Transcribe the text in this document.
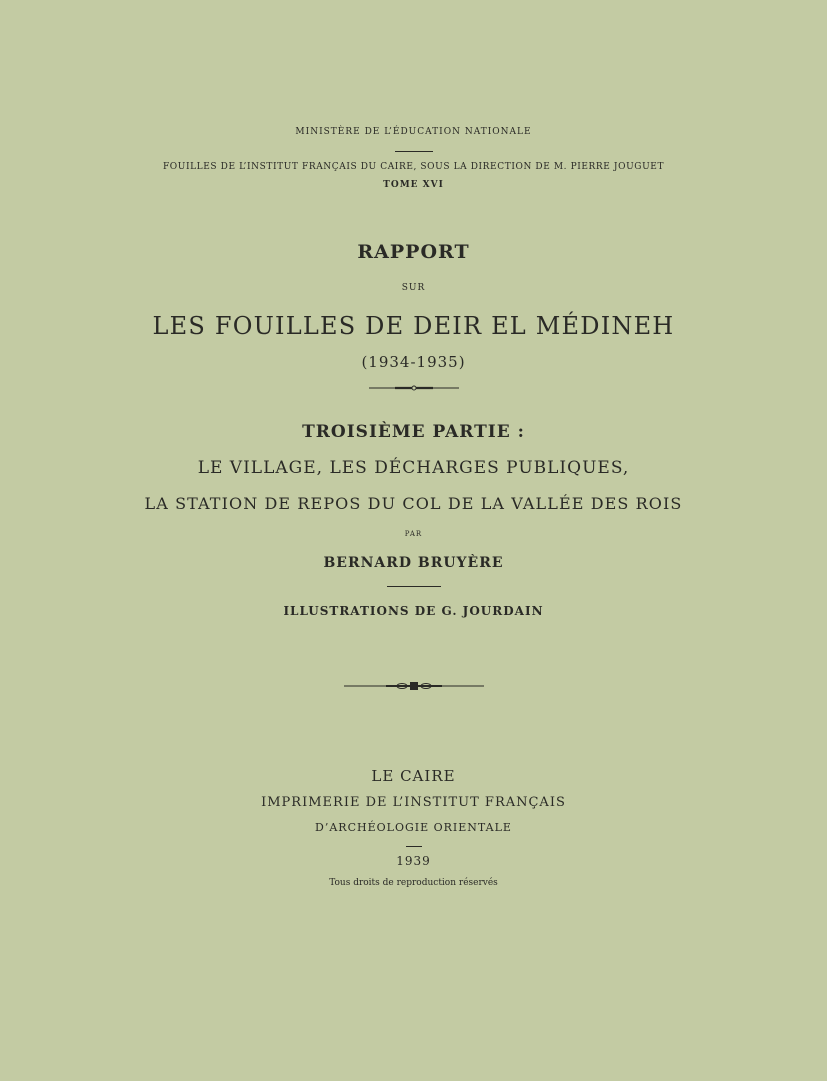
MINISTÈRE DE L’ÉDUCATION NATIONALE
FOUILLES DE L’INSTITUT FRANÇAIS DU CAIRE, SOUS LA DIRECTION DE M. PIERRE JOUGUET
TOME XVI
RAPPORT
SUR
LES FOUILLES DE DEIR EL MÉDINEH
(1934-1935)
TROISIÈME PARTIE :
LE VILLAGE, LES DÉCHARGES PUBLIQUES,
LA STATION DE REPOS DU COL DE LA VALLÉE DES ROIS
PAR
BERNARD BRUYÈRE
ILLUSTRATIONS DE G. JOURDAIN
LE CAIRE
IMPRIMERIE DE L’INSTITUT FRANÇAIS
D’ARCHÉOLOGIE ORIENTALE
1939
Tous droits de reproduction réservés
